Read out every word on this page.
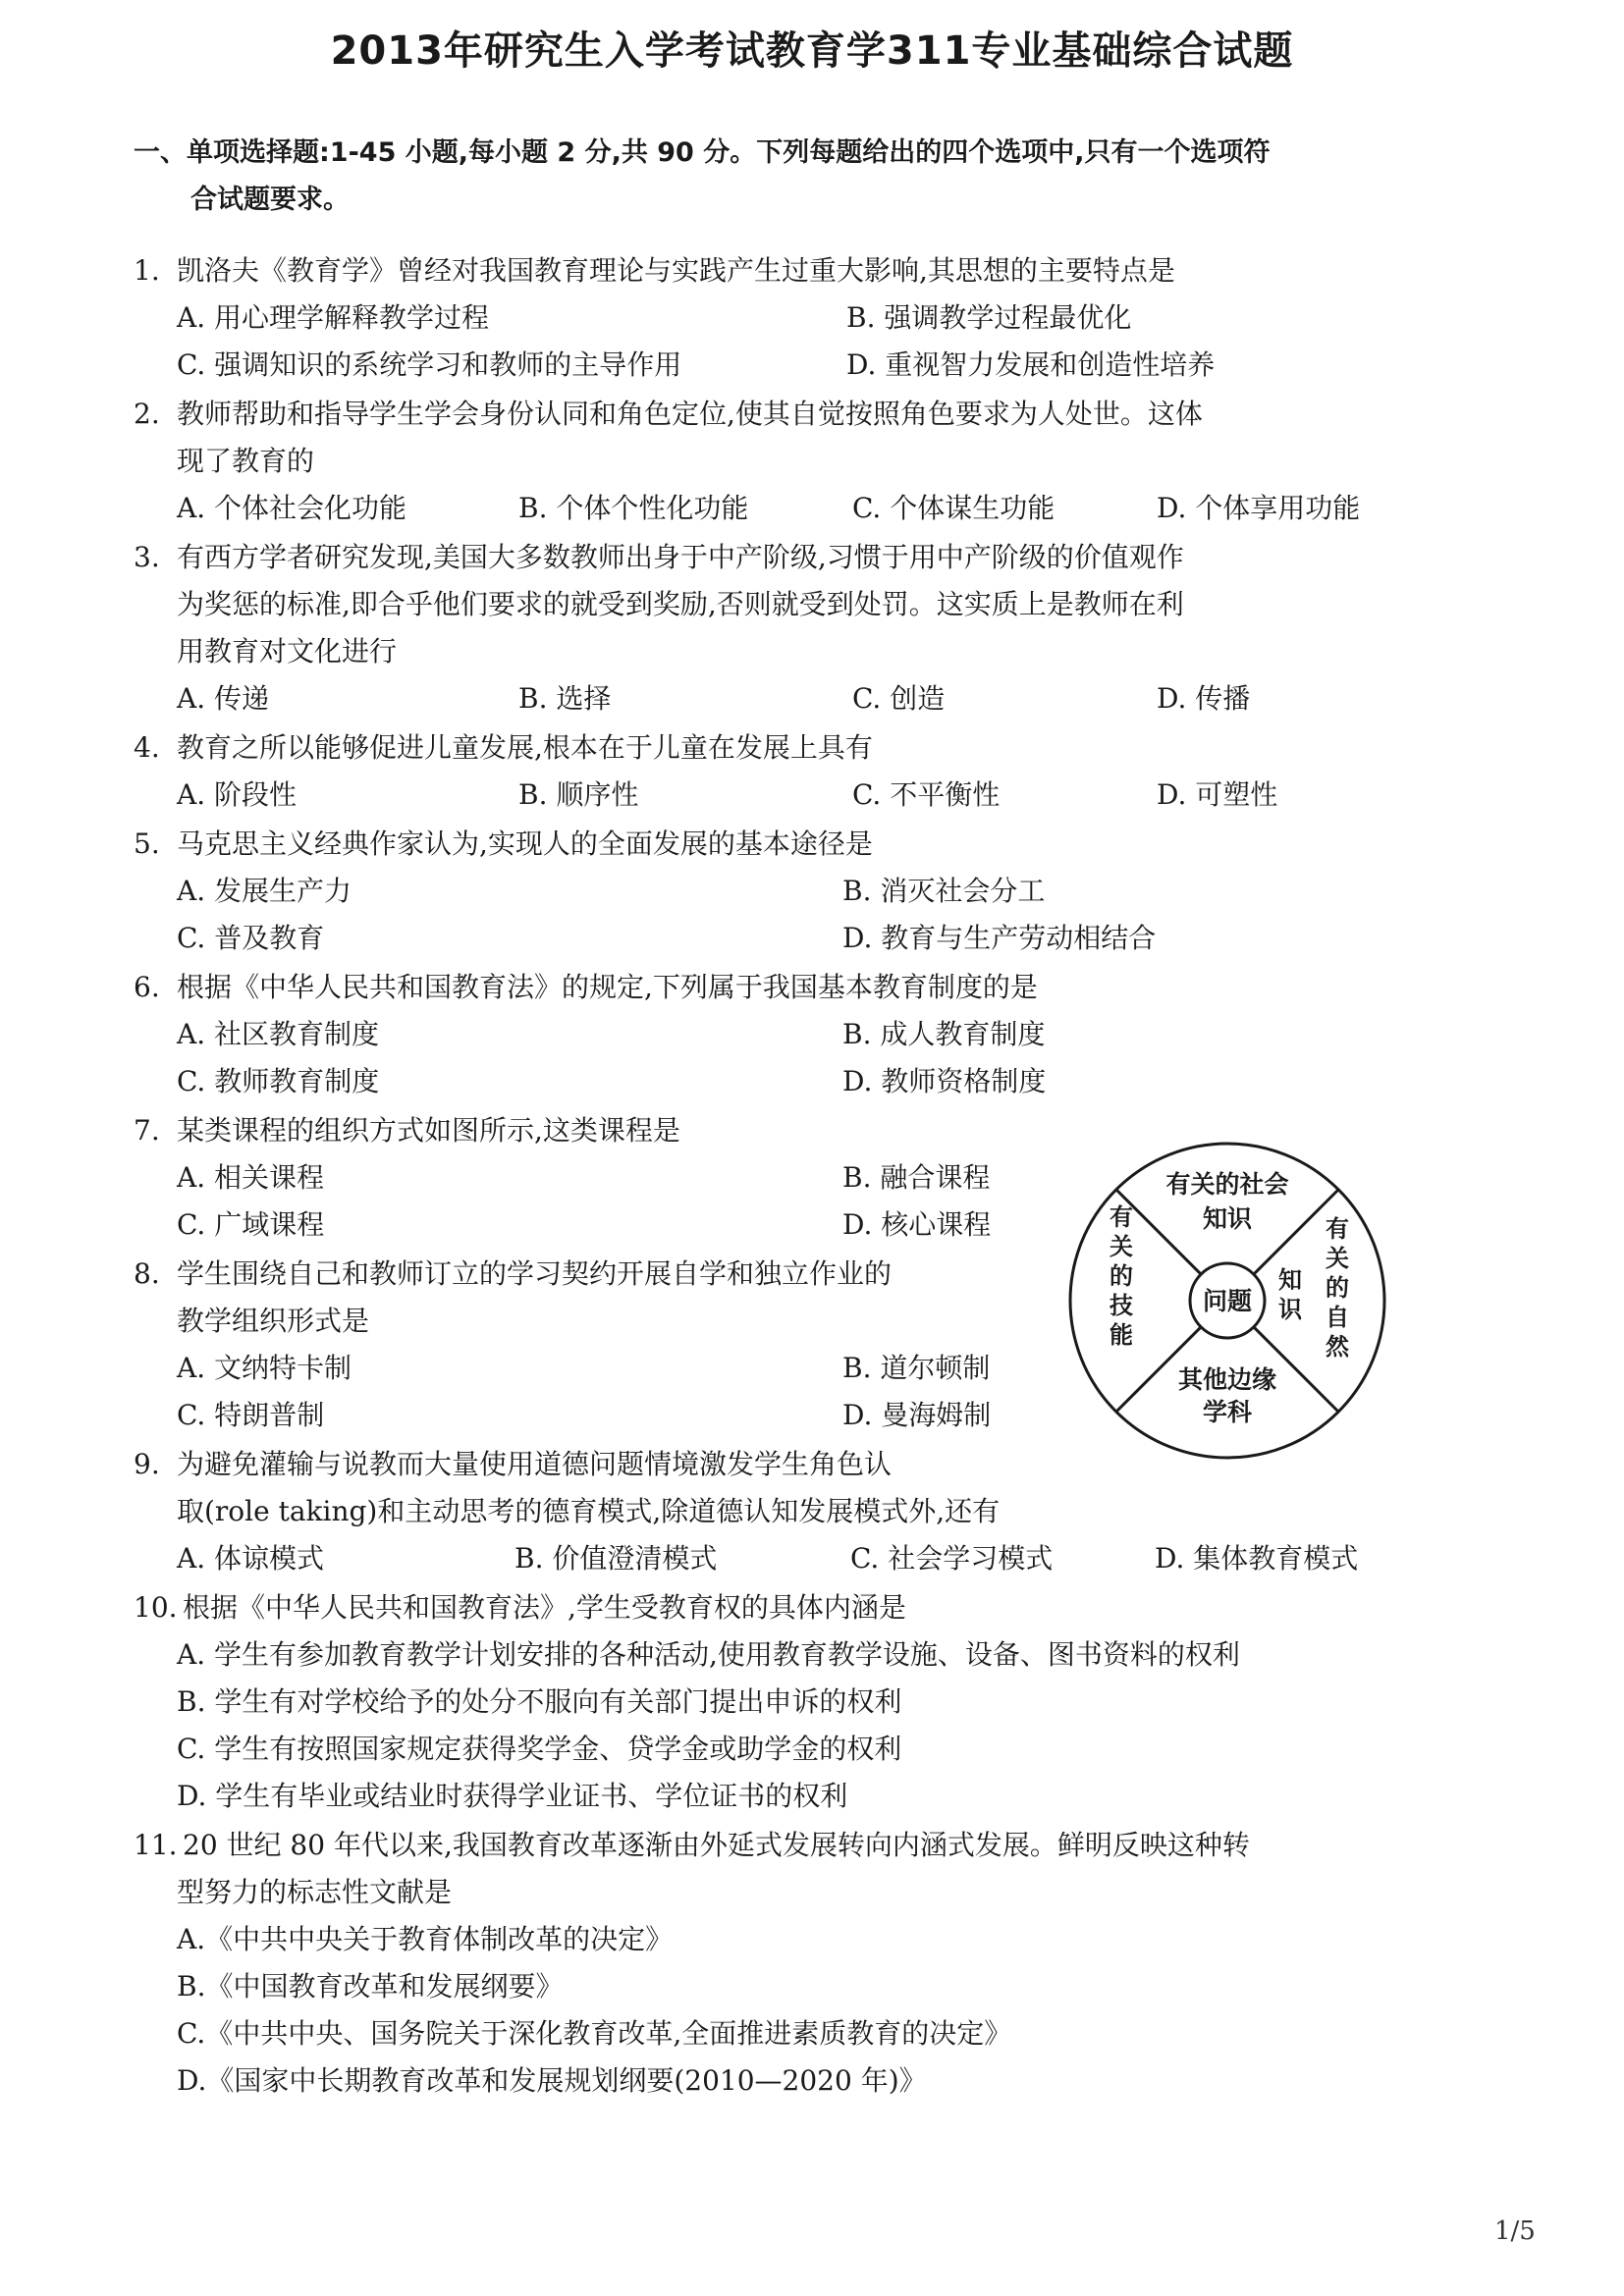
2013年研究生入学考试教育学311专业基础综合试题
一、单项选择题:1-45 小题,每小题 2 分,共 90 分。下列每题给出的四个选项中,只有一个选项符
合试题要求。
1. 凯洛夫《教育学》曾经对我国教育理论与实践产生过重大影响,其思想的主要特点是
A. 用心理学解释教学过程	B. 强调教学过程最优化
C. 强调知识的系统学习和教师的主导作用	D. 重视智力发展和创造性培养
2. 教师帮助和指导学生学会身份认同和角色定位,使其自觉按照角色要求为人处世。这体
现了教育的
A. 个体社会化功能	B. 个体个性化功能	C. 个体谋生功能	D. 个体享用功能
3. 有西方学者研究发现,美国大多数教师出身于中产阶级,习惯于用中产阶级的价值观作
为奖惩的标准,即合乎他们要求的就受到奖励,否则就受到处罚。这实质上是教师在利
用教育对文化进行
A. 传递	B. 选择	C. 创造	D. 传播
4. 教育之所以能够促进儿童发展,根本在于儿童在发展上具有
A. 阶段性	B. 顺序性	C. 不平衡性	D. 可塑性
5. 马克思主义经典作家认为,实现人的全面发展的基本途径是
A. 发展生产力	B. 消灭社会分工
C. 普及教育	D. 教育与生产劳动相结合
6. 根据《中华人民共和国教育法》的规定,下列属于我国基本教育制度的是
A. 社区教育制度	B. 成人教育制度
C. 教师教育制度	D. 教师资格制度
7. 某类课程的组织方式如图所示,这类课程是
A. 相关课程	B. 融合课程
C. 广域课程	D. 核心课程
8. 学生围绕自己和教师订立的学习契约开展自学和独立作业的
教学组织形式是
A. 文纳特卡制	B. 道尔顿制
C. 特朗普制	D. 曼海姆制
9. 为避免灌输与说教而大量使用道德问题情境激发学生角色认
取(role taking)和主动思考的德育模式,除道德认知发展模式外,还有
A. 体谅模式	B. 价值澄清模式	C. 社会学习模式	D. 集体教育模式
10. 根据《中华人民共和国教育法》,学生受教育权的具体内涵是
A. 学生有参加教育教学计划安排的各种活动,使用教育教学设施、设备、图书资料的权利
B. 学生有对学校给予的处分不服向有关部门提出申诉的权利
C. 学生有按照国家规定获得奖学金、贷学金或助学金的权利
D. 学生有毕业或结业时获得学业证书、学位证书的权利
11. 20 世纪 80 年代以来,我国教育改革逐渐由外延式发展转向内涵式发展。鲜明反映这种转
型努力的标志性文献是
A.《中共中央关于教育体制改革的决定》
B.《中国教育改革和发展纲要》
C.《中共中央、国务院关于深化教育改革,全面推进素质教育的决定》
D.《国家中长期教育改革和发展规划纲要(2010—2020 年)》
问题
有关的社会
知识
其他边缘
学科
知
识
有
关
的
自
然
有
关
的
技
能
1/5
